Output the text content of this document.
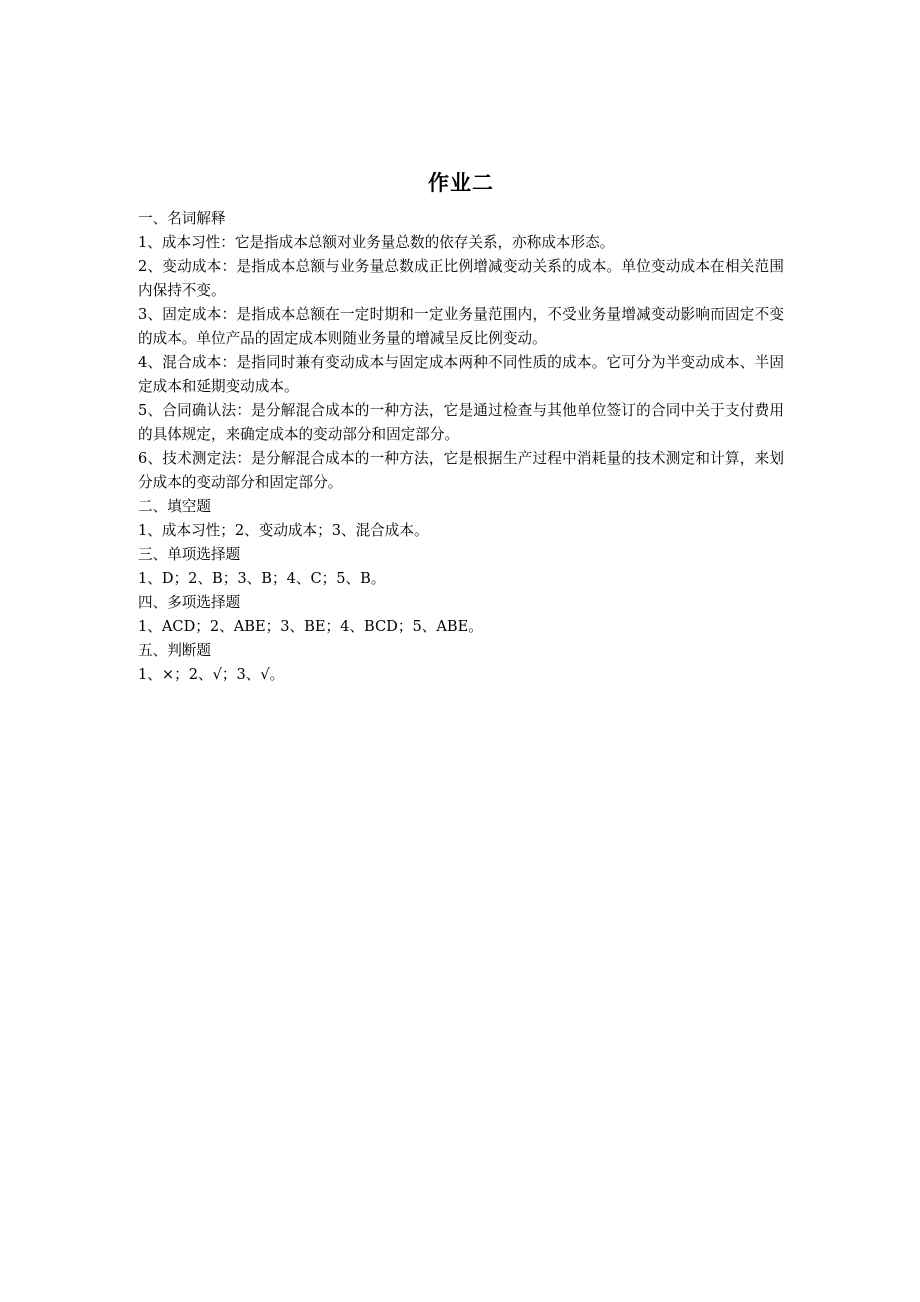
作业二

一、名词解释

1、成本习性：它是指成本总额对业务量总数的依存关系，亦称成本形态。

2、变动成本：是指成本总额与业务量总数成正比例增减变动关系的成本。单位变动成本在相关范围内保持不变。

3、固定成本：是指成本总额在一定时期和一定业务量范围内，不受业务量增减变动影响而固定不变的成本。单位产品的固定成本则随业务量的增减呈反比例变动。

4、混合成本：是指同时兼有变动成本与固定成本两种不同性质的成本。它可分为半变动成本、半固定成本和延期变动成本。

5、合同确认法：是分解混合成本的一种方法，它是通过检查与其他单位签订的合同中关于支付费用的具体规定，来确定成本的变动部分和固定部分。

6、技术测定法：是分解混合成本的一种方法，它是根据生产过程中消耗量的技术测定和计算，来划分成本的变动部分和固定部分。

二、填空题

1、成本习性；2、变动成本；3、混合成本。

三、单项选择题

1、D；2、B；3、B；4、C；5、B。

四、多项选择题

1、ACD；2、ABE；3、BE；4、BCD；5、ABE。

五、判断题

1、×；2、√；3、√。
